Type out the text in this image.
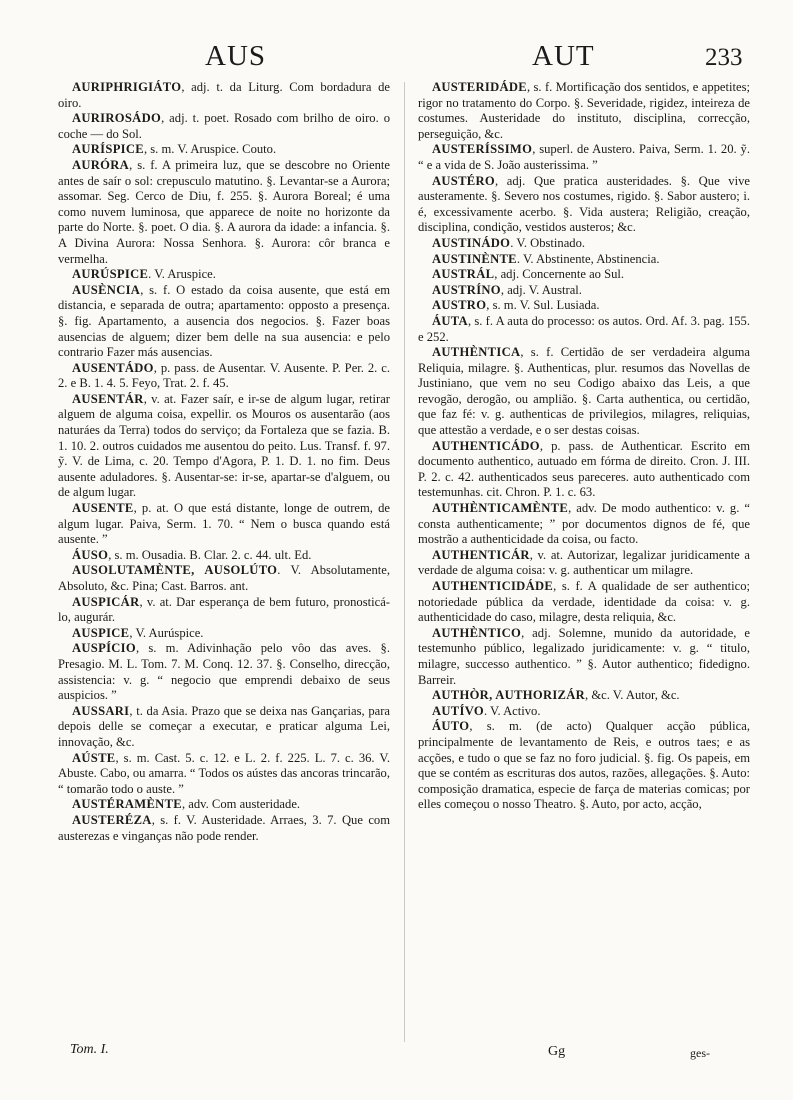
AUS	AUT	233

AURIPHRIGIÁTO, adj. t. da Liturg. Com bordadura de oiro.

AURIROSÁDO, adj. t. poet. Rosado com brilho de oiro. o coche — do Sol.

AURÍSPICE, s. m. V. Aruspice. Couto.

AURÓRA, s. f. A primeira luz, que se descobre no Oriente antes de saír o sol: crepusculo matutino. §. Levantar-se a Aurora; assomar. Seg. Cerco de Diu, f. 255. §. Aurora Boreal; é uma como nuvem luminosa, que apparece de noite no horizonte da parte do Norte. §. poet. O dia. §. A aurora da idade: a infancia. §. A Divina Aurora: Nossa Senhora. §. Aurora: côr branca e vermelha.

AURÚSPICE. V. Aruspice.

AUSÈNCIA, s. f. O estado da coisa ausente, que está em distancia, e separada de outra; apartamento: opposto a presença. §. fig. Apartamento, a ausencia dos negocios. §. Fazer boas ausencias de alguem; dizer bem delle na sua ausencia: e pelo contrario Fazer más ausencias.

AUSENTÁDO, p. pass. de Ausentar. V. Ausente. P. Per. 2. c. 2. e B. 1. 4. 5. Feyo, Trat. 2. f. 45.

AUSENTÁR, v. at. Fazer saír, e ir-se de algum lugar, retirar alguem de alguma coisa, expellir. os Mouros os ausentarão (aos naturáes da Terra) todos do serviço; da Fortaleza que se fazia. B. 1. 10. 2. outros cuidados me ausentou do peito. Lus. Transf. f. 97. ỹ. V. de Lima, c. 20. Tempo d'Agora, P. 1. D. 1. no fim. Deus ausente aduladores. §. Ausentar-se: ir-se, apartar-se d'alguem, ou de algum lugar.

AUSENTE, p. at. O que está distante, longe de outrem, de algum lugar. Paiva, Serm. 1. 70. “ Nem o busca quando está ausente. ”

ÁUSO, s. m. Ousadia. B. Clar. 2. c. 44. ult. Ed.

AUSOLUTAMÈNTE, AUSOLÚTO. V. Absolutamente, Absoluto, &c. Pina; Cast. Barros. ant.

AUSPICÁR, v. at. Dar esperança de bem futuro, pronosticá-lo, augurár.

AUSPICE, V. Aurúspice.

AUSPÍCIO, s. m. Adivinhação pelo vôo das aves. §. Presagio. M. L. Tom. 7. M. Conq. 12. 37. §. Conselho, direcção, assistencia: v. g. “ negocio que emprendi debaixo de seus auspicios. ”

AUSSARI, t. da Asia. Prazo que se deixa nas Gançarias, para depois delle se começar a executar, e praticar alguma Lei, innovação, &c.

AÚSTE, s. m. Cast. 5. c. 12. e L. 2. f. 225. L. 7. c. 36. V. Abuste. Cabo, ou amarra. “ Todos os aústes das ancoras trincarão, “ tomarão todo o auste. ”

AUSTÉRAMÈNTE, adv. Com austeridade.

AUSTERÉZA, s. f. V. Austeridade. Arraes, 3. 7. Que com austerezas e vinganças não pode render.

AUSTERIDÁDE, s. f. Mortificação dos sentidos, e appetites; rigor no tratamento do Corpo. §. Severidade, rigidez, inteireza de costumes. Austeridade do instituto, disciplina, correcção, perseguição, &c.

AUSTERÍSSIMO, superl. de Austero. Paiva, Serm. 1. 20. ỹ. “ e a vida de S. João austerissima. ”

AUSTÉRO, adj. Que pratica austeridades. §. Que vive austeramente. §. Severo nos costumes, rigido. §. Sabor austero; i. é, excessivamente acerbo. §. Vida austera; Religião, creação, disciplina, condição, vestidos austeros; &c.

AUSTINÁDO. V. Obstinado.

AUSTINÈNTE. V. Abstinente, Abstinencia.

AUSTRÁL, adj. Concernente ao Sul.

AUSTRÍNO, adj. V. Austral.

AUSTRO, s. m. V. Sul. Lusiada.

ÁUTA, s. f. A auta do processo: os autos. Ord. Af. 3. pag. 155. e 252.

AUTHÈNTICA, s. f. Certidão de ser verdadeira alguma Reliquia, milagre. §. Authenticas, plur. resumos das Novellas de Justiniano, que vem no seu Codigo abaixo das Leis, a que revogão, derogão, ou amplião. §. Carta authentica, ou certidão, que faz fé: v. g. authenticas de privilegios, milagres, reliquias, que attestão a verdade, e o ser destas coisas.

AUTHENTICÁDO, p. pass. de Authenticar. Escrito em documento authentico, autuado em fórma de direito. Cron. J. III. P. 2. c. 42. authenticados seus pareceres. auto authenticado com testemunhas. cit. Chron. P. 1. c. 63.

AUTHÈNTICAMÈNTE, adv. De modo authentico: v. g. “ consta authenticamente; ” por documentos dignos de fé, que mostrão a authenticidade da coisa, ou facto.

AUTHENTICÁR, v. at. Autorizar, legalizar juridicamente a verdade de alguma coisa: v. g. authenticar um milagre.

AUTHENTICIDÁDE, s. f. A qualidade de ser authentico; notoriedade pública da verdade, identidade da coisa: v. g. authenticidade do caso, milagre, desta reliquia, &c.

AUTHÈNTICO, adj. Solemne, munido da autoridade, e testemunho público, legalizado juridicamente: v. g. “ titulo, milagre, successo authentico. ” §. Autor authentico; fidedigno. Barreir.

AUTHÒR, AUTHORIZÁR, &c. V. Autor, &c.

AUTÍVO. V. Activo.

ÁUTO, s. m. (de acto) Qualquer acção pública, principalmente de levantamento de Reis, e outros taes; e as acções, e tudo o que se faz no foro judicial. §. fig. Os papeis, em que se contém as escrituras dos autos, razões, allegações. §. Auto: composição dramatica, especie de farça de materias comicas; por elles começou o nosso Theatro. §. Auto, por acto, acção,

Tom. I.	Gg	ges-
